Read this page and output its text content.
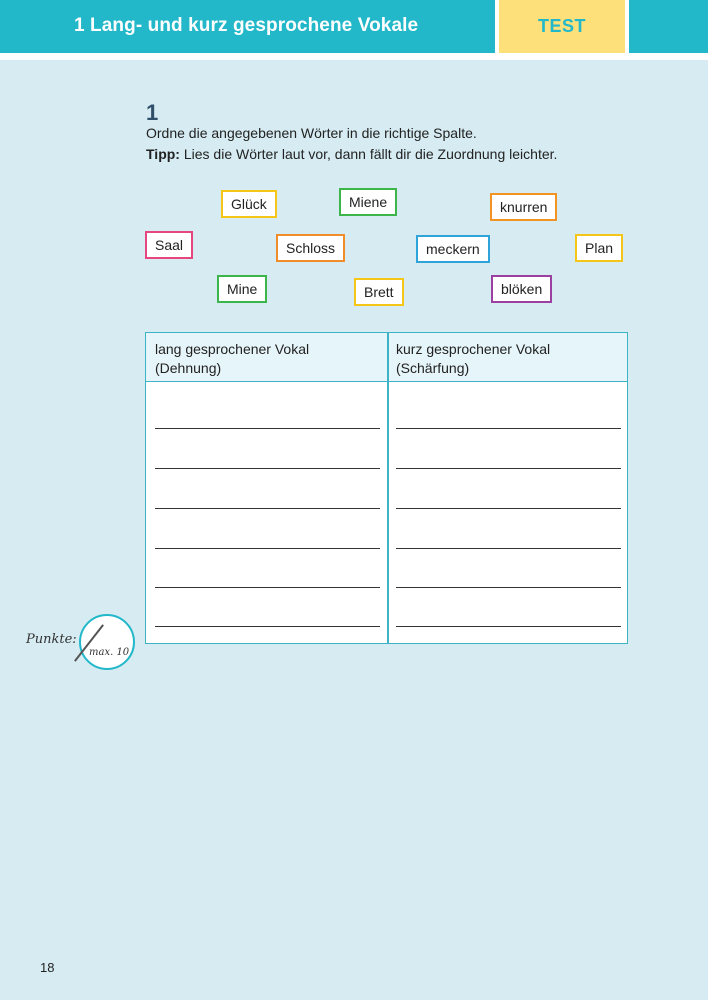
1 Lang- und kurz gesprochene Vokale	TEST
1
Ordne die angegebenen Wörter in die richtige Spalte.
Tipp: Lies die Wörter laut vor, dann fällt dir die Zuordnung leichter.
Glück	Miene	knurren
Saal	Schloss	meckern	Plan
Mine	Brett	blöken
lang gesprochener Vokal
(Dehnung)
kurz gesprochener Vokal
(Schärfung)
Punkte:
max. 10
18
